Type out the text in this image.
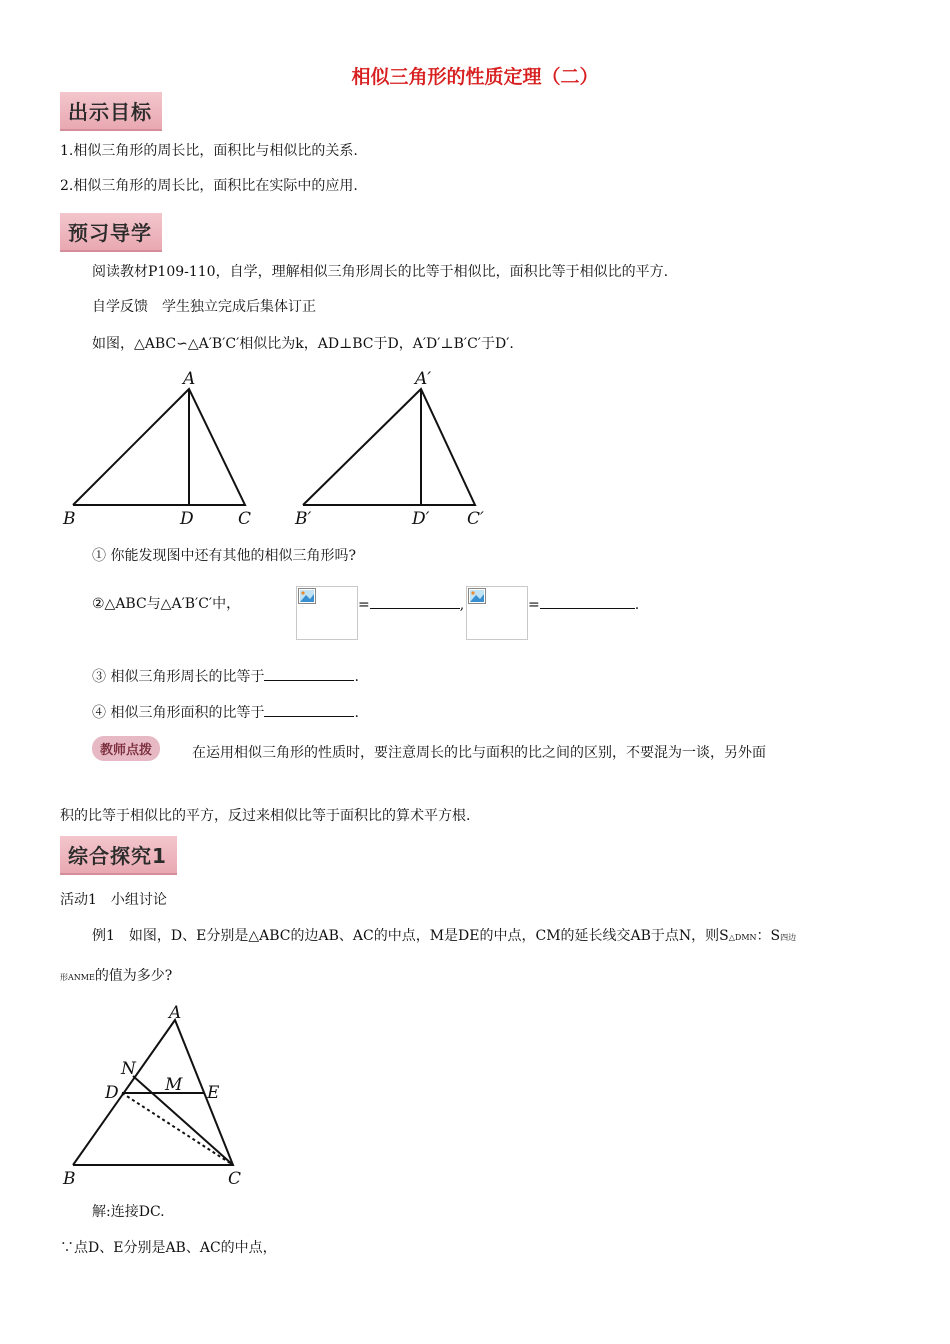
相似三角形的性质定理（二）
出示目标
1.相似三角形的周长比，面积比与相似比的关系.
2.相似三角形的周长比，面积比在实际中的应用.
预习导学
阅读教材P109-110，自学，理解相似三角形周长的比等于相似比，面积比等于相似比的平方.
自学反馈　学生独立完成后集体订正
如图，△ABC∽△A′B′C′相似比为k，AD⊥BC于D，A′D′⊥B′C′于D′.
A
B	D	C
A′
B′	D′ C′
① 你能发现图中还有其他的相似三角形吗?
②△ABC与△A′B′C′中，	=	,	=	.
③ 相似三角形周长的比等于	.
④ 相似三角形面积的比等于	.
教师点拨	在运用相似三角形的性质时，要注意周长的比与面积的比之间的区别，不要混为一谈，另外面
积的比等于相似比的平方，反过来相似比等于面积比的算术平方根.
综合探究1
活动1　小组讨论
例1　如图，D、E分别是△ABC的边AB、AC的中点，M是DE的中点，CM的延长线交AB于点N，则S△DMN：S四边
形ANME的值为多少?
A
N
D	M E
B	C
解:连接DC.
∵点D、E分别是AB、AC的中点，
